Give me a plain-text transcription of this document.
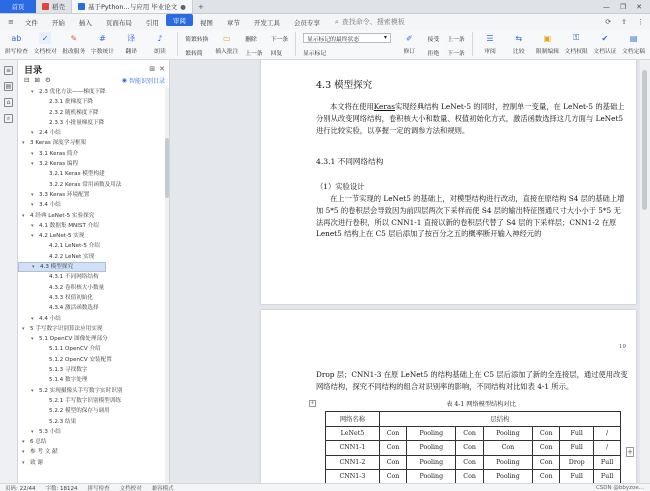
首页	稻壳	基于Python...与应用 毕业论文 ● +	— ❐ ✕
≡	文件	开始	插入	页面布局	引用	审阅	视图	章节	开发工具	会员专享	⌕ 查找命令、搜索模板	⟳ ⇪ ⋮
ab
拼写检查
✓
文档校对
✎
批改服务
#
字数统计
译
翻译
♪
朗读
简繁转换
繁转简
▭
插入批注
删除
上一条
下一条
回复
显示标记的最终状态	▾
显示标记
✐
修订
接受
拒绝
上一条
下一条
☰
审阅
⇆
比较
▣
限制编辑
⚿
文档权限
✔
文档认证
▤
文档定稿
≡
▤
⌂
⌕
目录	⊞ ✕
⊟ ⊠ ⚙	◉ 智能识别目录
▾ 2.3 优化方法——梯度下降
2.3.1 批梯度下降
2.3.2 随机梯度下降
2.3.3 小批量梯度下降
▾ 2.4 小结
▾ 3 Keras 深度学习框架
▾ 3.1 Keras 简介
▾ 3.2 Keras 编程
3.2.1 Keras 模型构建
3.2.2 Keras 常用函数及用法
▾ 3.3 Keras 环境配置
▾ 3.4 小结
▾ 4 经典 LeNet-5 实验探究
▾ 4.1 数据集 MNIST 介绍
▾ 4.2 LeNet-5 实现
4.2.1 LeNet-5 介绍
4.2.2 LeNet 实现
▾ 4.3 模型探究
4.3.1 不同网络结构
4.3.2 卷积核大小数量
4.3.3 权值初始化
4.3.4 激活函数选择
▾ 4.4 小结
▾ 5 手写数字识别算法应用实现
▾ 5.1 OpenCV 图像处理部分
5.1.1 OpenCV 介绍
5.1.2 OpenCV 安装配置
5.1.3 寻找数字
5.1.4 数字处理
▾ 5.2 实现摄像头手写数字实时识别
5.2.1 手写数字识别模型训练
5.2.2 模型的保存与调用
5.2.3 结果
▾ 5.3 小结
▾ 6 总结
▾ 参 考 文 献
▾ 致 谢
4.3 模型探究
本文将在使用Keras实现经典结构 LeNet-5 的同时，控制单一变量，在 LeNet-5 的基础上分别从改变网络结构，卷积核大小和数量、权值初始化方式，激活函数选择这几方面与 LeNet5 进行比较实验，以享握一定的调参方法和规则。
4.3.1 不同网络结构
（1）实验设计
在上一节实现的 LeNet5 的基础上，对模型结构进行改动，直接在原结构 S4 层的基础上增加 5*5 的卷积层会导致因为前四层两次下采样而使 S4 层的输出特征图通尺寸大小小于 5*5 无法再次进行卷积，所以 CNN1-1 直接以新的卷积层代替了 S4 层的下采样层；CNN1-2 在原 Lenet5 结构上在 C5 层后添加了按百分之五的概率断开输入神经元的
19
Drop 层；CNN1-3 在原 LeNet5 的结构基础上在 C5 层后添加了新的全连接层，通过使用改变网络结构，探究不同结构的组合对识别率的影响，不同结构对比如表 4-1 所示。
表 4-1 网络模型结构对比
+
网络名称	层结构						
LeNet5	Con	Pooling	Con	Pooling	Con	Full	/
CNN1-1	Con	Pooling	Con	Con	Con	Full	/
CNN1-2	Con	Pooling	Con	Pooling	Con	Drop	Full
CNN1-3	Con	Pooling	Con	Pooling	Con	Full	Full
+
页码: 22/44 字数: 18124 拼写检查 文档校对 兼容模式	CSDN @bbyzoe...
